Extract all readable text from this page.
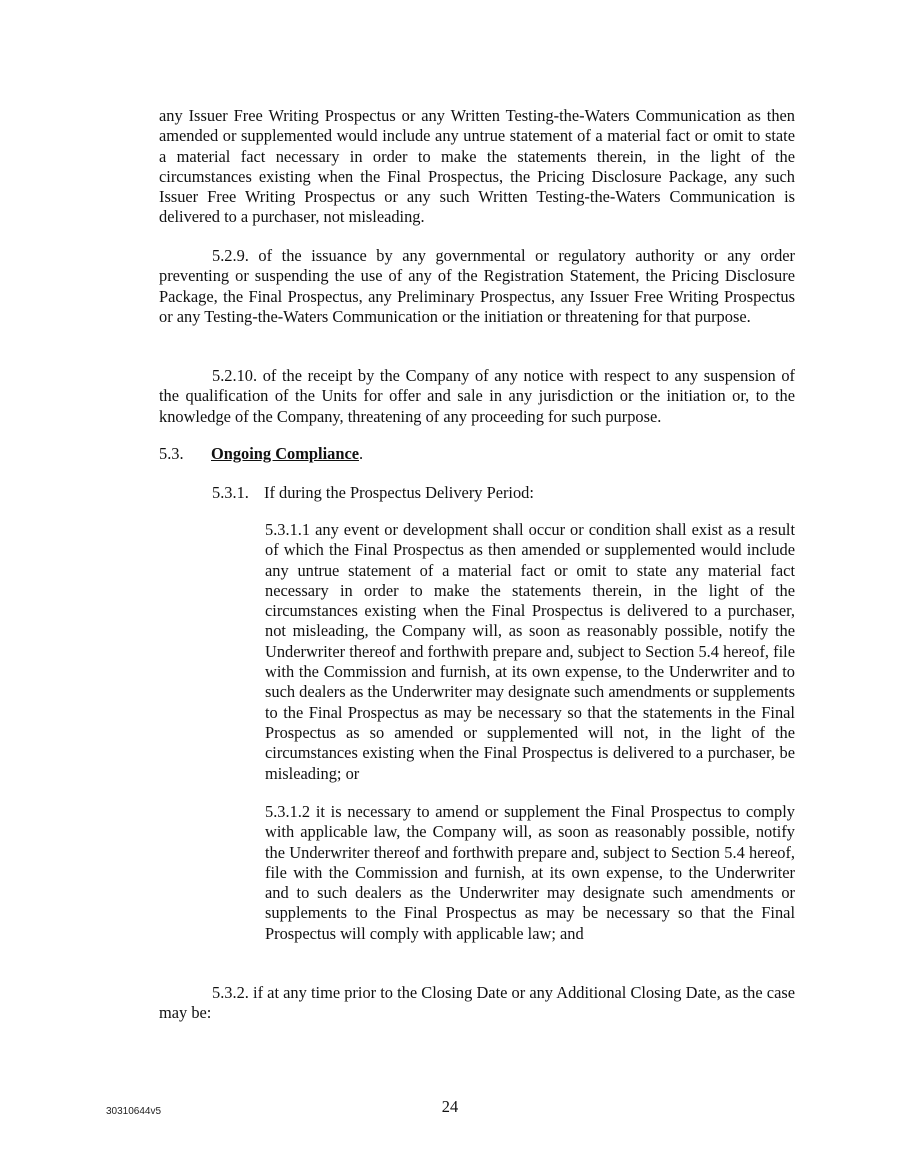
any Issuer Free Writing Prospectus or any Written Testing-the-Waters Communication as then amended or supplemented would include any untrue statement of a material fact or omit to state a material fact necessary in order to make the statements therein, in the light of the circumstances existing when the Final Prospectus, the Pricing Disclosure Package, any such Issuer Free Writing Prospectus or any such Written Testing-the-Waters Communication is delivered to a purchaser, not misleading.

5.2.9. of the issuance by any governmental or regulatory authority or any order preventing or suspending the use of any of the Registration Statement, the Pricing Disclosure Package, the Final Prospectus, any Preliminary Prospectus, any Issuer Free Writing Prospectus or any Testing-the-Waters Communication or the initiation or threatening for that purpose.

5.2.10. of the receipt by the Company of any notice with respect to any suspension of the qualification of the Units for offer and sale in any jurisdiction or the initiation or, to the knowledge of the Company, threatening of any proceeding for such purpose.

5.3. Ongoing Compliance.
5.3.1. If during the Prospectus Delivery Period:

5.3.1.1 any event or development shall occur or condition shall exist as a result of which the Final Prospectus as then amended or supplemented would include any untrue statement of a material fact or omit to state any material fact necessary in order to make the statements therein, in the light of the circumstances existing when the Final Prospectus is delivered to a purchaser, not misleading, the Company will, as soon as reasonably possible, notify the Underwriter thereof and forthwith prepare and, subject to Section 5.4 hereof, file with the Commission and furnish, at its own expense, to the Underwriter and to such dealers as the Underwriter may designate such amendments or supplements to the Final Prospectus as may be necessary so that the statements in the Final Prospectus as so amended or supplemented will not, in the light of the circumstances existing when the Final Prospectus is delivered to a purchaser, be misleading; or

5.3.1.2 it is necessary to amend or supplement the Final Prospectus to comply with applicable law, the Company will, as soon as reasonably possible, notify the Underwriter thereof and forthwith prepare and, subject to Section 5.4 hereof, file with the Commission and furnish, at its own expense, to the Underwriter and to such dealers as the Underwriter may designate such amendments or supplements to the Final Prospectus as may be necessary so that the Final Prospectus will comply with applicable law; and

5.3.2. if at any time prior to the Closing Date or any Additional Closing Date, as the case may be:

30310644v5	24
